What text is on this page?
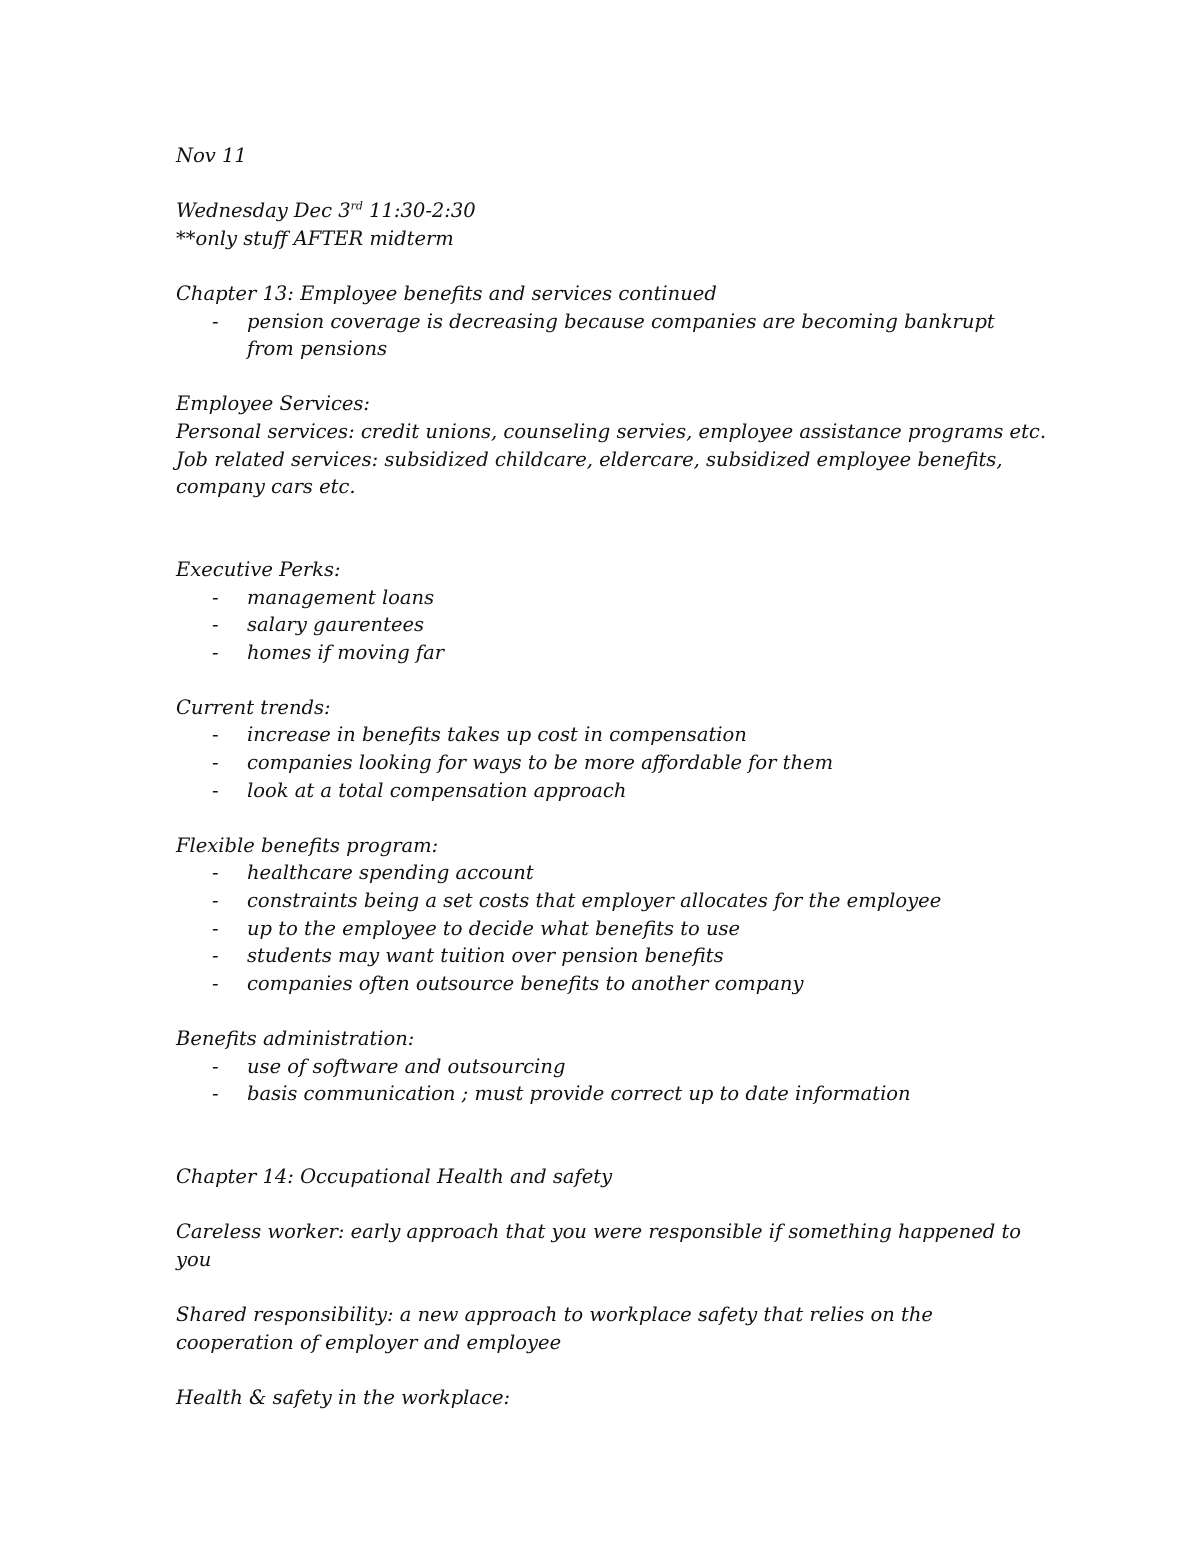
Nov 11
Wednesday Dec 3rd 11:30-2:30
**only stuff AFTER midterm
Chapter 13: Employee benefits and services continued
- pension coverage is decreasing because companies are becoming bankrupt
from pensions
Employee Services:
Personal services: credit unions, counseling servies, employee assistance programs etc.
Job related services: subsidized childcare, eldercare, subsidized employee benefits,
company cars etc.
Executive Perks:
- management loans
- salary gaurentees
- homes if moving far
Current trends:
- increase in benefits takes up cost in compensation
- companies looking for ways to be more affordable for them
- look at a total compensation approach
Flexible benefits program:
- healthcare spending account
- constraints being a set costs that employer allocates for the employee
- up to the employee to decide what benefits to use
- students may want tuition over pension benefits
- companies often outsource benefits to another company
Benefits administration:
- use of software and outsourcing
- basis communication ; must provide correct up to date information
Chapter 14: Occupational Health and safety
Careless worker: early approach that you were responsible if something happened to
you
Shared responsibility: a new approach to workplace safety that relies on the
cooperation of employer and employee
Health & safety in the workplace:
